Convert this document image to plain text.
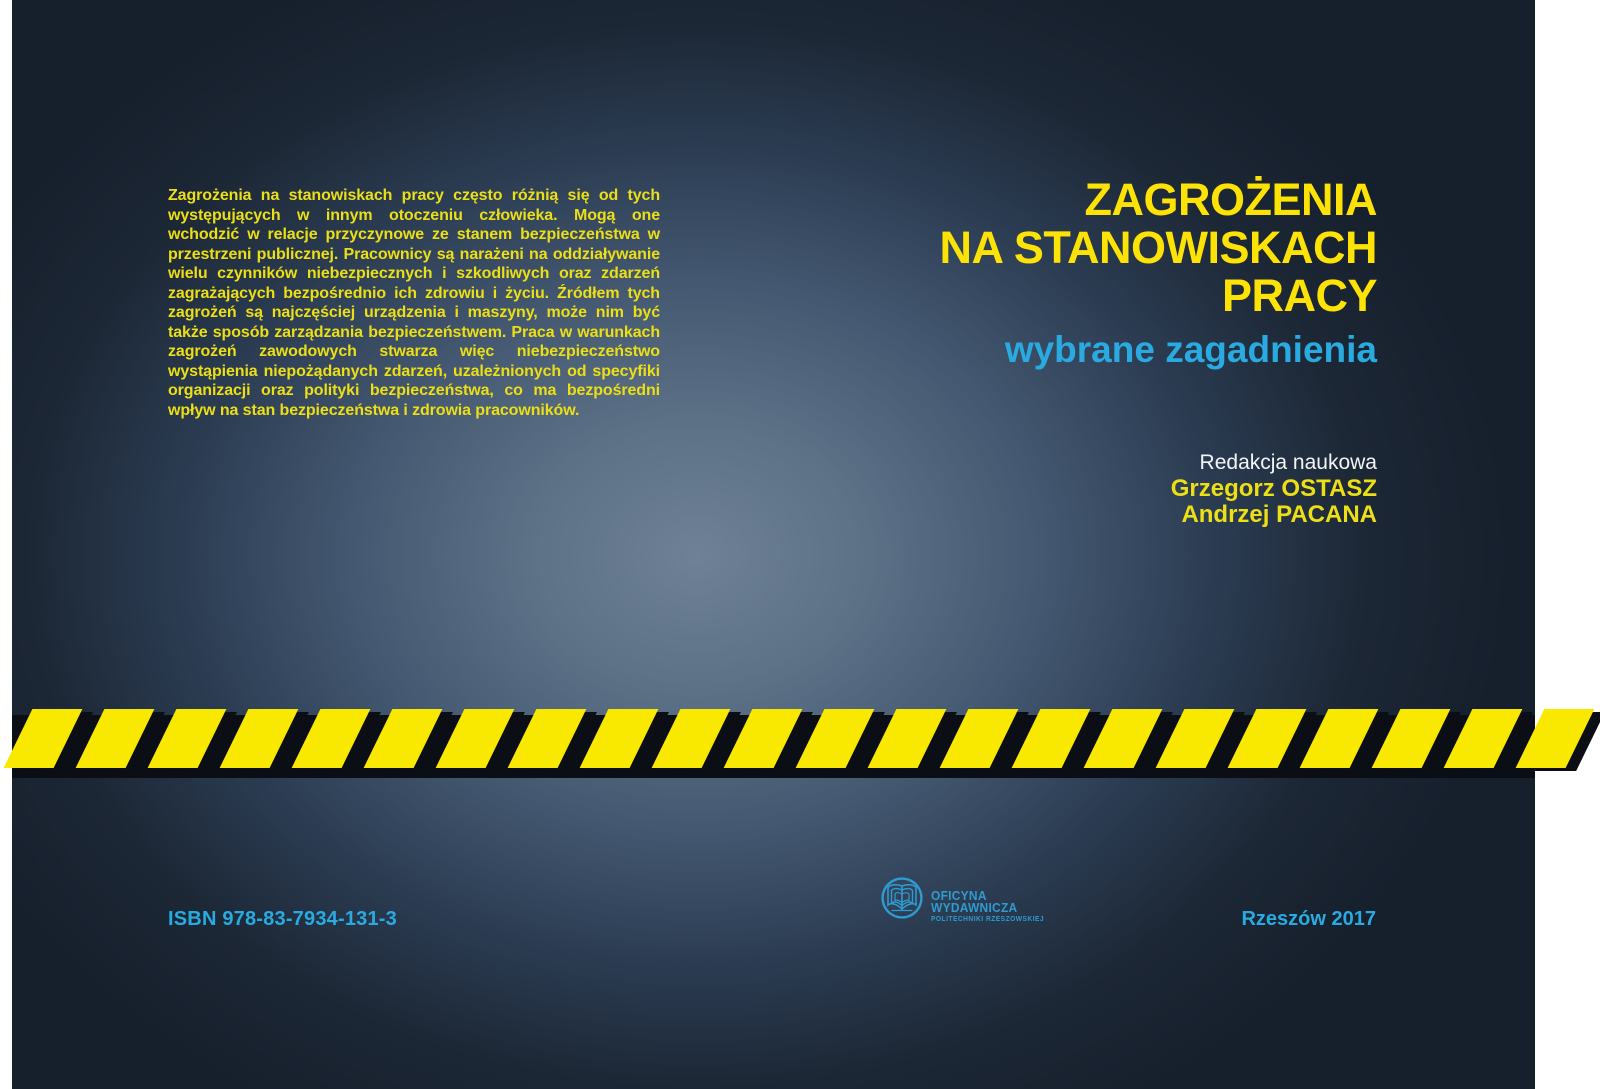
Zagrożenia na stanowiskach pracy często różnią się od tych występujących w innym otoczeniu człowieka. Mogą one wchodzić w relacje przyczynowe ze stanem bezpieczeństwa w przestrzeni publicznej. Pracownicy są narażeni na oddziaływanie wielu czynników niebezpiecznych i szkodliwych oraz zdarzeń zagrażających bezpośrednio ich zdrowiu i życiu. Źródłem tych zagrożeń są najczęściej urządzenia i maszyny, może nim być także sposób zarządzania bezpieczeństwem. Praca w warunkach zagrożeń zawodowych stwarza więc niebezpieczeństwo wystąpienia niepożądanych zdarzeń, uzależnionych od specyfiki organizacji oraz polityki bezpieczeństwa, co ma bezpośredni wpływ na stan bezpieczeństwa i zdrowia pracowników.
ZAGROŻENIA
NA STANOWISKACH
PRACY
wybrane zagadnienia
Redakcja naukowa
Grzegorz OSTASZ
Andrzej PACANA
ISBN 978-83-7934-131-3
OFICYNA
WYDAWNICZA
POLITECHNIKI RZESZOWSKIEJ	Rzeszów 2017
